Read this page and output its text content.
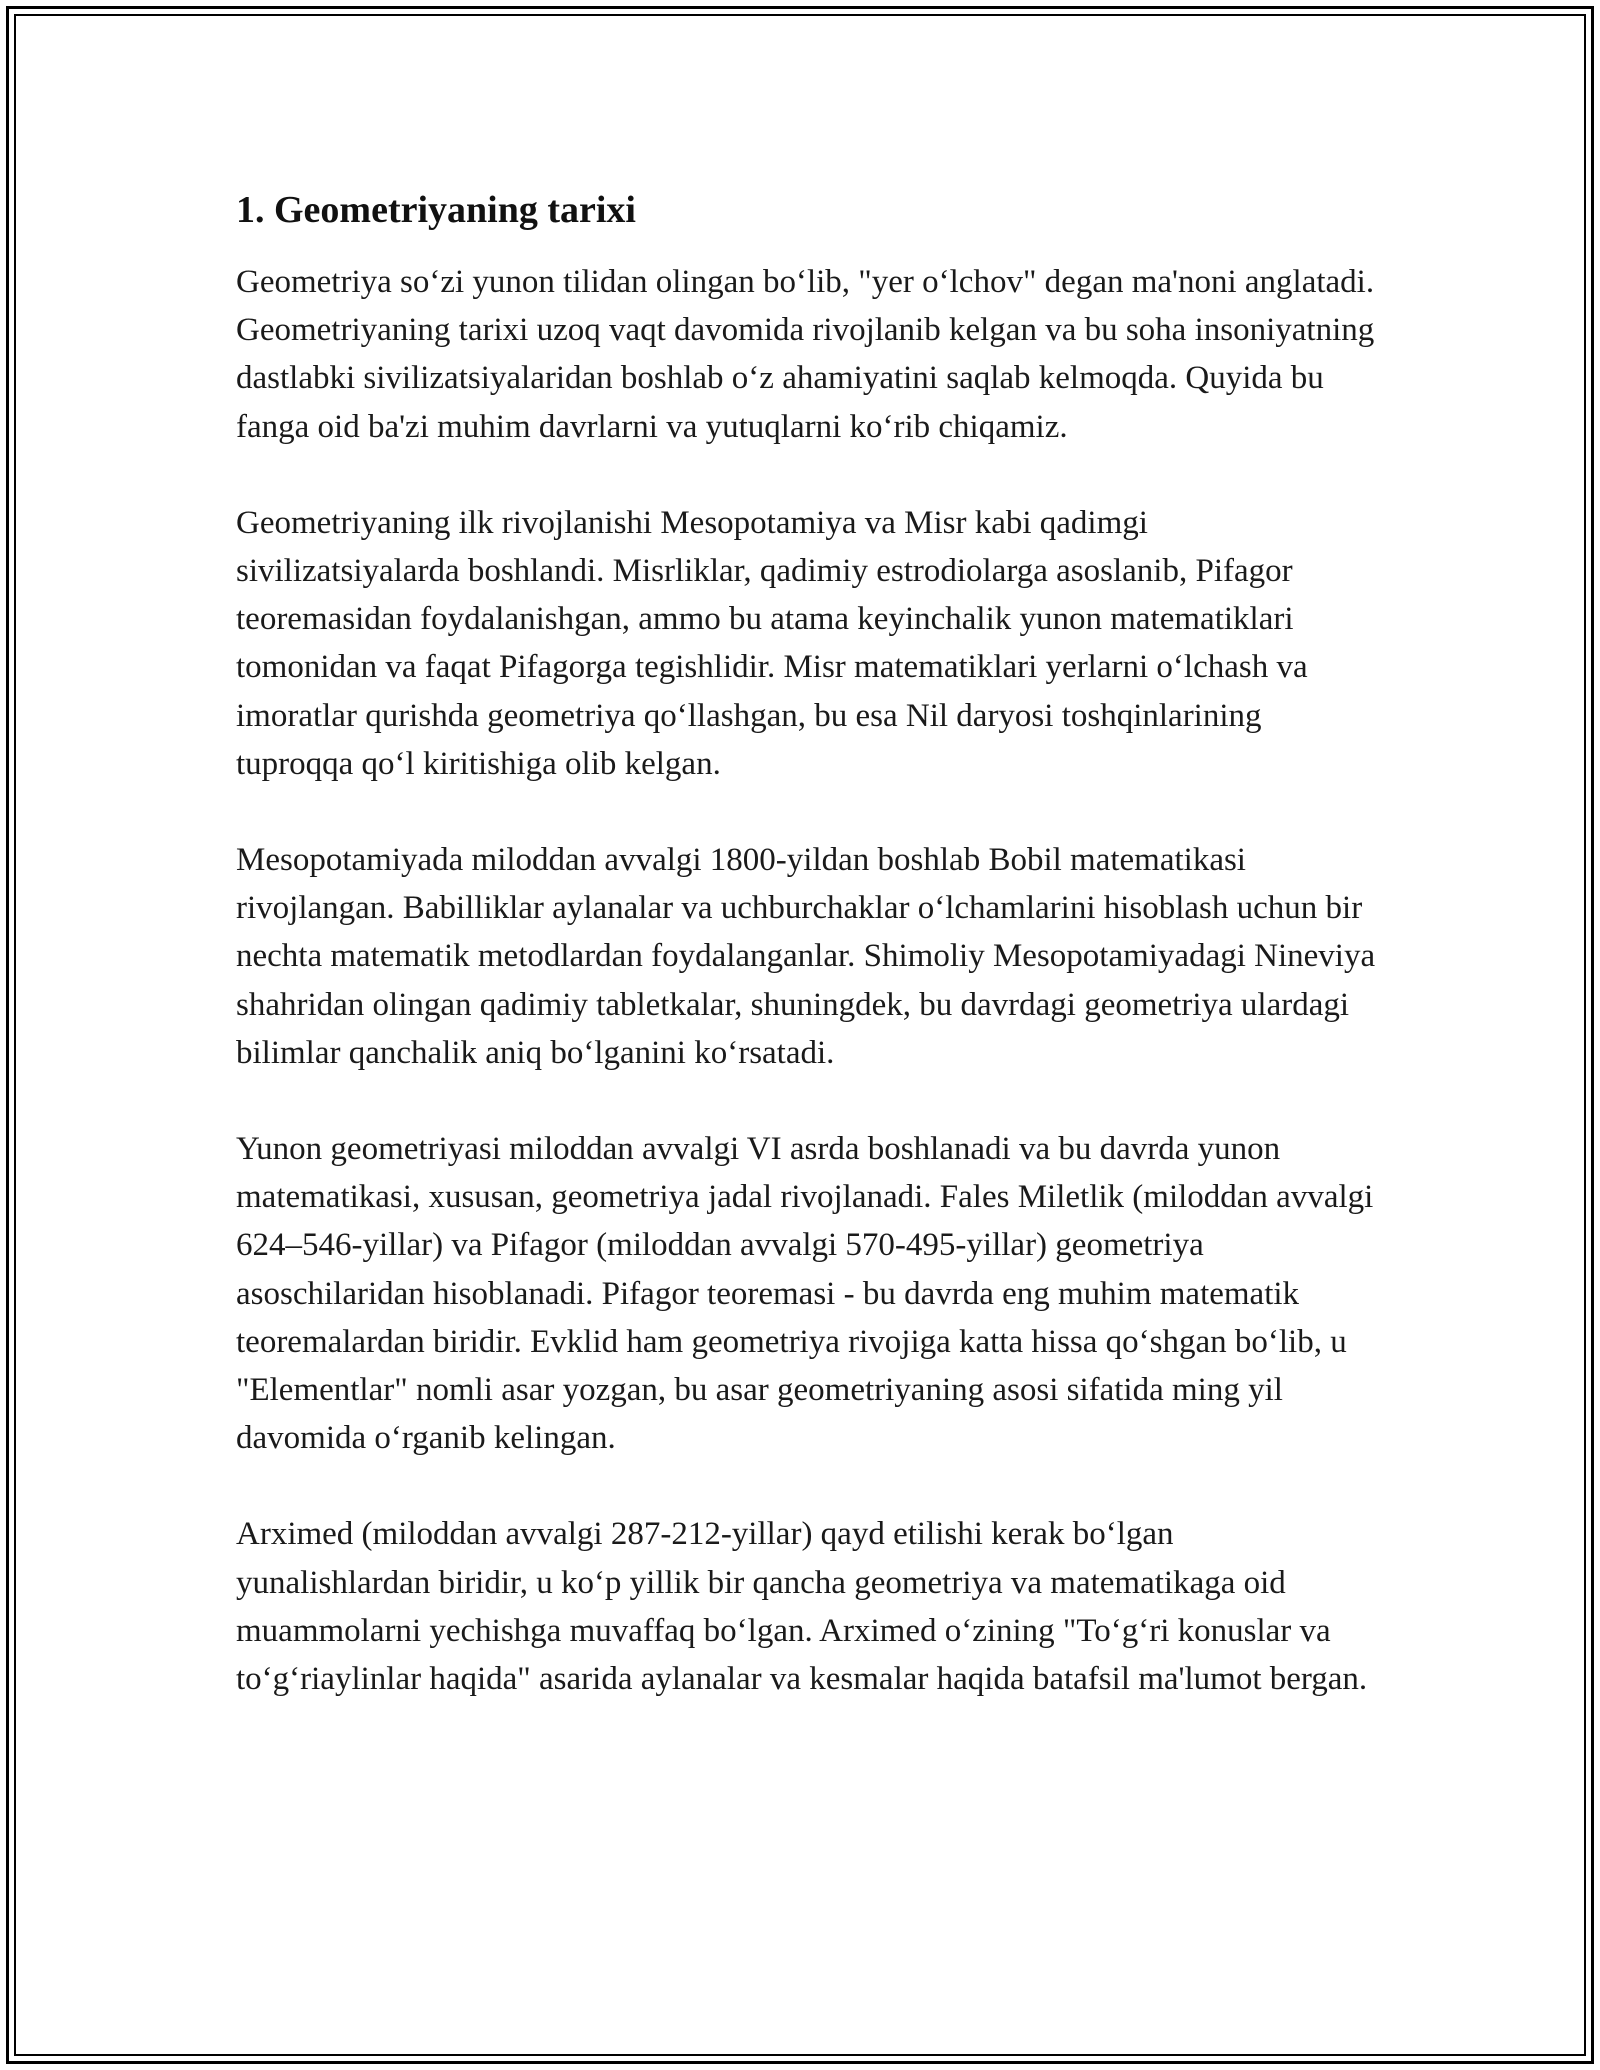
1. Geometriyaning tarixi

Geometriya so‘zi yunon tilidan olingan bo‘lib, "yer o‘lchov" degan ma'noni anglatadi. Geometriyaning tarixi uzoq vaqt davomida rivojlanib kelgan va bu soha insoniyatning dastlabki sivilizatsiyalaridan boshlab o‘z ahamiyatini saqlab kelmoqda. Quyida bu fanga oid ba'zi muhim davrlarni va yutuqlarni ko‘rib chiqamiz.

Geometriyaning ilk rivojlanishi Mesopotamiya va Misr kabi qadimgi sivilizatsiyalarda boshlandi. Misrliklar, qadimiy estrodiolarga asoslanib, Pifagor teoremasidan foydalanishgan, ammo bu atama keyinchalik yunon matematiklari tomonidan va faqat Pifagorga tegishlidir. Misr matematiklari yerlarni o‘lchash va imoratlar qurishda geometriya qo‘llashgan, bu esa Nil daryosi toshqinlarining tuproqqa qo‘l kiritishiga olib kelgan.

Mesopotamiyada miloddan avvalgi 1800-yildan boshlab Bobil matematikasi rivojlangan. Babilliklar aylanalar va uchburchaklar o‘lchamlarini hisoblash uchun bir nechta matematik metodlardan foydalanganlar. Shimoliy Mesopotamiyadagi Nineviya shahridan olingan qadimiy tabletkalar, shuningdek, bu davrdagi geometriya ulardagi bilimlar qanchalik aniq bo‘lganini ko‘rsatadi.

Yunon geometriyasi miloddan avvalgi VI asrda boshlanadi va bu davrda yunon matematikasi, xususan, geometriya jadal rivojlanadi. Fales Miletlik (miloddan avvalgi 624–546-yillar) va Pifagor (miloddan avvalgi 570-495-yillar) geometriya asoschilaridan hisoblanadi. Pifagor teoremasi - bu davrda eng muhim matematik teoremalardan biridir. Evklid ham geometriya rivojiga katta hissa qo‘shgan bo‘lib, u "Elementlar" nomli asar yozgan, bu asar geometriyaning asosi sifatida ming yil davomida o‘rganib kelingan.

Arximed (miloddan avvalgi 287-212-yillar) qayd etilishi kerak bo‘lgan yunalishlardan biridir, u ko‘p yillik bir qancha geometriya va matematikaga oid muammolarni yechishga muvaffaq bo‘lgan. Arximed o‘zining "To‘g‘ri konuslar va to‘g‘riaylinlar haqida" asarida aylanalar va kesmalar haqida batafsil ma'lumot bergan.
